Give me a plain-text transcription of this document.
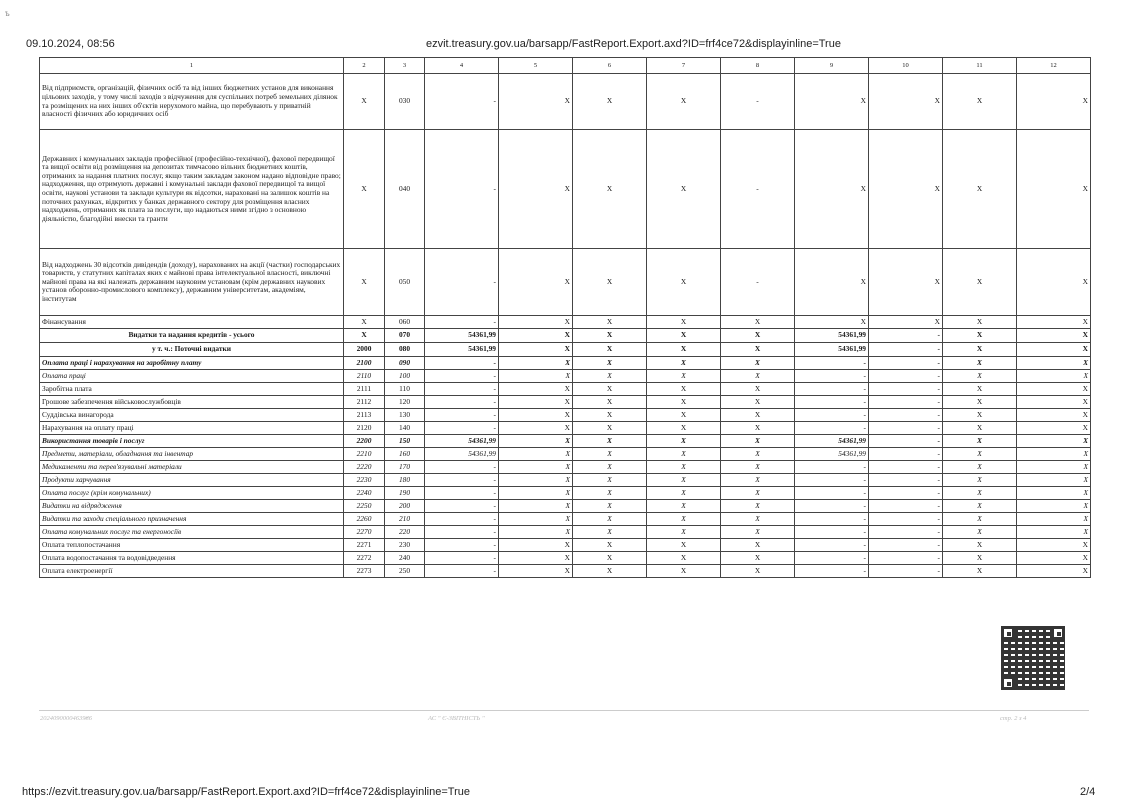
09.10.2024, 08:56	ezvit.treasury.gov.ua/barsapp/FastReport.Export.axd?ID=frf4ce72&displayinline=True
ъ
1	2	3	4	5	6	7	8	9	10	11	12
Від підприємств, організацій, фізичних осіб та від інших бюджетних установ для виконання цільових заходів, у тому числі заходів з відчуження для суспільних потреб земельних ділянок та розміщених на них інших об'єктів нерухомого майна, що перебувають у приватній власності фізичних або юридичних осіб	X	030	-	X	X	X	-	X	X	X	X
Державних і комунальних закладів професійної (професійно-технічної), фахової передвищої та вищої освіти від розміщення на депозитах тимчасово вільних бюджетних коштів, отриманих за надання платних послуг, якщо таким закладам законом надано відповідне право; надходження, що отримують державні і комунальні заклади фахової передвищої та вищої освіти, наукові установи та заклади культури як відсотки, нараховані на залишок коштів на поточних рахунках, відкритих у банках державного сектору для розміщення власних надходжень, отриманих як плата за послуги, що надаються ними згідно з основною діяльністю, благодійні внески та гранти	X	040	-	X	X	X	-	X	X	X	X
Від надходжень 30 відсотків дивідендів (доходу), нарахованих на акції (частки) господарських товариств, у статутних капіталах яких є майнові права інтелектуальної власності, виключні майнові права на які належать державним науковим установам (крім державних наукових установ оборонно-промислового комплексу), державним університетам, академіям, інститутам	X	050	-	X	X	X	-	X	X	X	X
Фінансування	X	060	-	X	X	X	X	X	X	X	X
Видатки та надання кредитів - усього	X	070	54361,99	X	X	X	X	54361,99	-	X	X
у т. ч.: Поточні видатки	2000	080	54361,99	X	X	X	X	54361,99	-	X	X
Оплата праці і нарахування на заробітну плату	2100	090	-	X	X	X	X	-	-	X	X
Оплата праці	2110	100	-	X	X	X	X	-	-	X	X
Заробітна плата	2111	110	-	X	X	X	X	-	-	X	X
Грошове забезпечення військовослужбовців	2112	120	-	X	X	X	X	-	-	X	X
Суддівська винагорода	2113	130	-	X	X	X	X	-	-	X	X
Нарахування на оплату праці	2120	140	-	X	X	X	X	-	-	X	X
Використання товарів і послуг	2200	150	54361,99	X	X	X	X	54361,99	-	X	X
Предмети, матеріали, обладнання та інвентар	2210	160	54361,99	X	X	X	X	54361,99	-	X	X
Медикаменти та перев'язувальні матеріали	2220	170	-	X	X	X	X	-	-	X	X
Продукти харчування	2230	180	-	X	X	X	X	-	-	X	X
Оплата послуг (крім комунальних)	2240	190	-	X	X	X	X	-	-	X	X
Видатки на відрядження	2250	200	-	X	X	X	X	-	-	X	X
Видатки та заходи спеціального призначення	2260	210	-	X	X	X	X	-	-	X	X
Оплата комунальних послуг та енергоносіїв	2270	220	-	X	X	X	X	-	-	X	X
Оплата теплопостачання	2271	230	-	X	X	X	X	-	-	X	X
Оплата водопостачання та водовідведення	2272	240	-	X	X	X	X	-	-	X	X
Оплата електроенергії	2273	250	-	X	X	X	X	-	-	X	X
20240900004639₴6	АС " Є-ЗВІТНІСТЬ "	стр. 2 з 4
https://ezvit.treasury.gov.ua/barsapp/FastReport.Export.axd?ID=frf4ce72&displayinline=True	2/4
